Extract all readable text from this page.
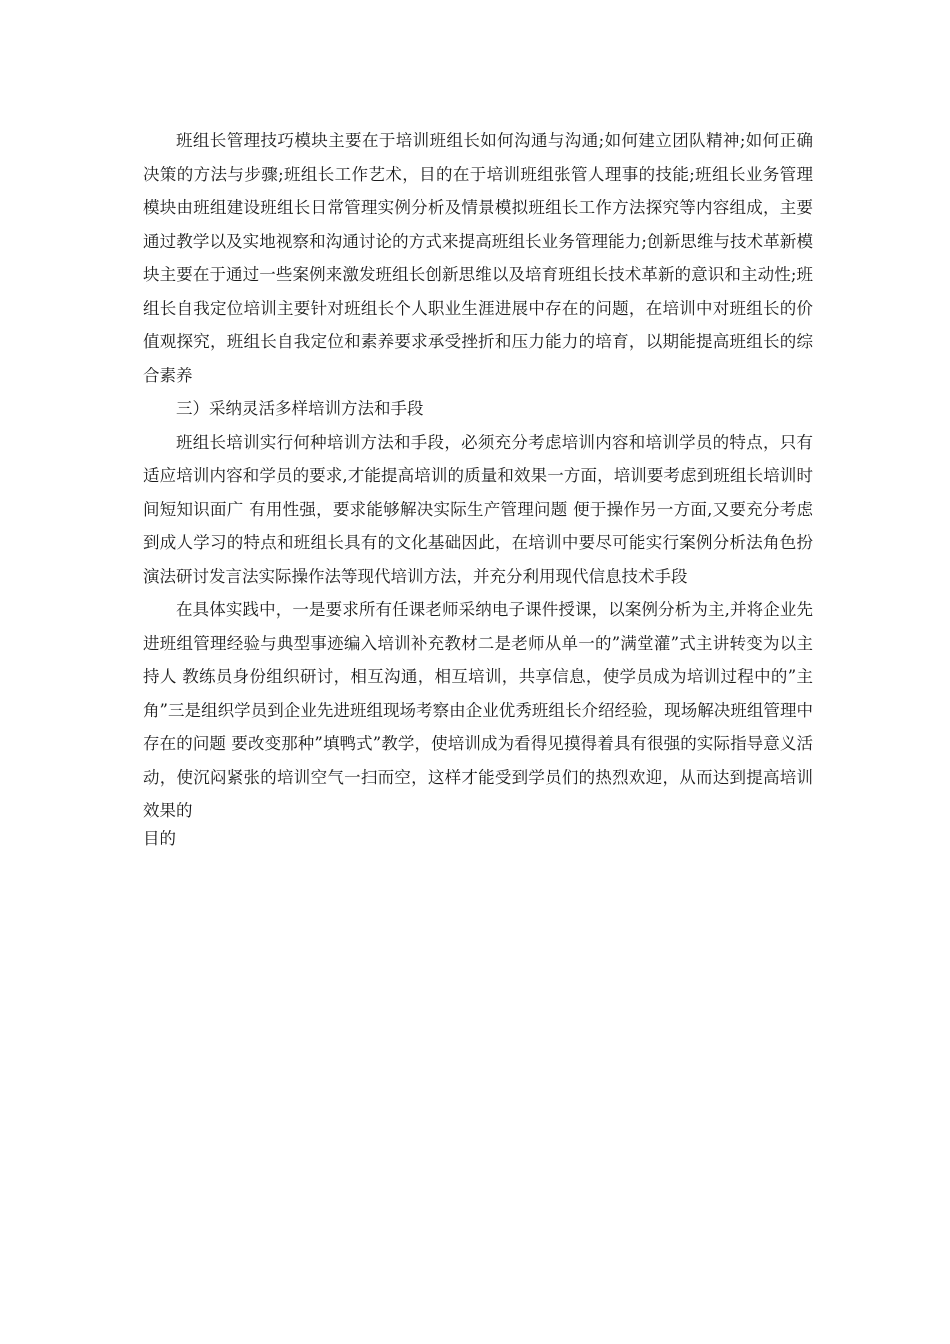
班组长管理技巧模块主要在于培训班组长如何沟通与沟通;如何建立团队精神;如何正确决策的方法与步骤;班组长工作艺术，目的在于培训班组张管人理事的技能;班组长业务管理模块由班组建设班组长日常管理实例分析及情景模拟班组长工作方法探究等内容组成，主要通过教学以及实地视察和沟通讨论的方式来提高班组长业务管理能力;创新思维与技术革新模块主要在于通过一些案例来激发班组长创新思维以及培育班组长技术革新的意识和主动性;班组长自我定位培训主要针对班组长个人职业生涯进展中存在的问题，在培训中对班组长的价值观探究，班组长自我定位和素养要求承受挫折和压力能力的培育，以期能提高班组长的综合素养

三）采纳灵活多样培训方法和手段

班组长培训实行何种培训方法和手段，必须充分考虑培训内容和培训学员的特点，只有适应培训内容和学员的要求,才能提高培训的质量和效果一方面，培训要考虑到班组长培训时间短知识面广 有用性强，要求能够解决实际生产管理问题 便于操作另一方面,又要充分考虑到成人学习的特点和班组长具有的文化基础因此，在培训中要尽可能实行案例分析法角色扮演法研讨发言法实际操作法等现代培训方法，并充分利用现代信息技术手段

在具体实践中，一是要求所有任课老师采纳电子课件授课，以案例分析为主,并将企业先进班组管理经验与典型事迹编入培训补充教材二是老师从单一的”满堂灌”式主讲转变为以主持人 教练员身份组织研讨，相互沟通，相互培训，共享信息，使学员成为培训过程中的”主角”三是组织学员到企业先进班组现场考察由企业优秀班组长介绍经验，现场解决班组管理中存在的问题 要改变那种”填鸭式”教学，使培训成为看得见摸得着具有很强的实际指导意义活动，使沉闷紧张的培训空气一扫而空，这样才能受到学员们的热烈欢迎，从而达到提高培训效果的

目的
